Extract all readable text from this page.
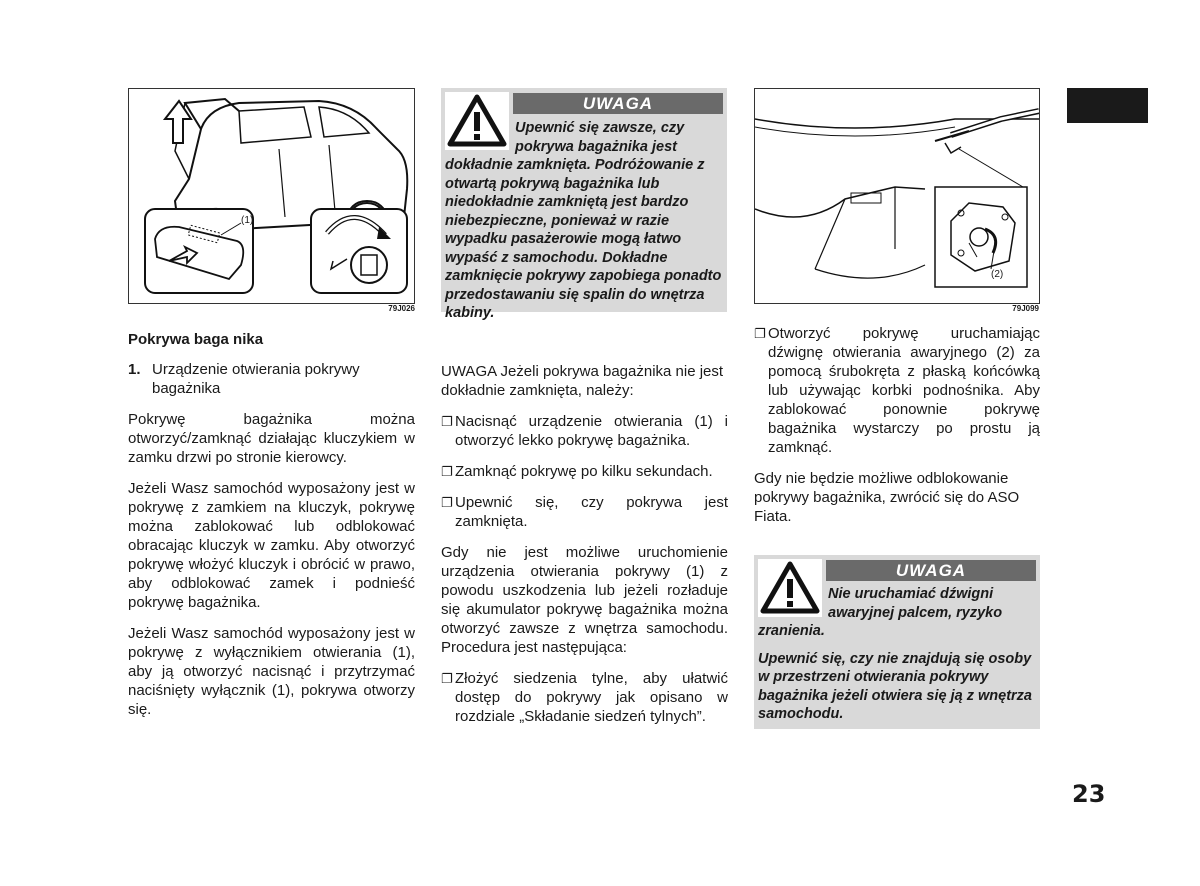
(1)
79J026
UWAGA
Upewnić się zawsze, czy pokrywa bagażnika jest dokładnie zamknięta. Podróżowanie z otwartą pokrywą bagażnika lub niedokładnie zamkniętą jest bardzo niebezpieczne, ponieważ w razie wypadku pasażerowie mogą łatwo wypaść z samochodu. Dokładne zamknięcie pokrywy zapobiega ponadto przedostawaniu się spalin do wnętrza kabiny.
(2)
79J099
Pokrywa baga nika
1. Urządzenie otwierania pokrywy bagażnika

Pokrywę bagażnika można otworzyć/zamknąć działając kluczykiem w zamku drzwi po stronie kierowcy.

Jeżeli Wasz samochód wyposażony jest w pokrywę z zamkiem na kluczyk, pokrywę można zablokować lub odblokować obracając kluczyk w zamku. Aby otworzyć pokrywę włożyć kluczyk i obrócić w prawo, aby odblokować zamek i podnieść pokrywę bagażnika.

Jeżeli Wasz samochód wyposażony jest w pokrywę z wyłącznikiem otwierania (1), aby ją otworzyć nacisnąć i przytrzymać naciśnięty wyłącznik (1), pokrywa otworzy się.

UWAGA Jeżeli pokrywa bagażnika nie jest dokładnie zamknięta, należy:

❐ Nacisnąć urządzenie otwierania (1) i otworzyć lekko pokrywę bagażnika.
❐ Zamknąć pokrywę po kilku sekundach.
❐ Upewnić się, czy pokrywa jest zamknięta.

Gdy nie jest możliwe uruchomienie urządzenia otwierania pokrywy (1) z powodu uszkodzenia lub jeżeli rozładuje się akumulator pokrywę bagażnika można otworzyć zawsze z wnętrza samochodu. Procedura jest następująca:

❐ Złożyć siedzenia tylne, aby ułatwić dostęp do pokrywy jak opisano w rozdziale „Składanie siedzeń tylnych”.
❐ Otworzyć pokrywę uruchamiając dźwignę otwierania awaryjnego (2) za pomocą śrubokręta z płaską końcówką lub używając korbki podnośnika. Aby zablokować ponownie pokrywę bagażnika wystarczy po prostu ją zamknąć.

Gdy nie będzie możliwe odblokowanie pokrywy bagażnika, zwrócić się do ASO Fiata.

UWAGA
Nie uruchamiać dźwigni awaryjnej palcem, ryzyko zranienia.
Upewnić się, czy nie znajdują się osoby w przestrzeni otwierania pokrywy bagażnika jeżeli otwiera się ją z wnętrza samochodu.
23
